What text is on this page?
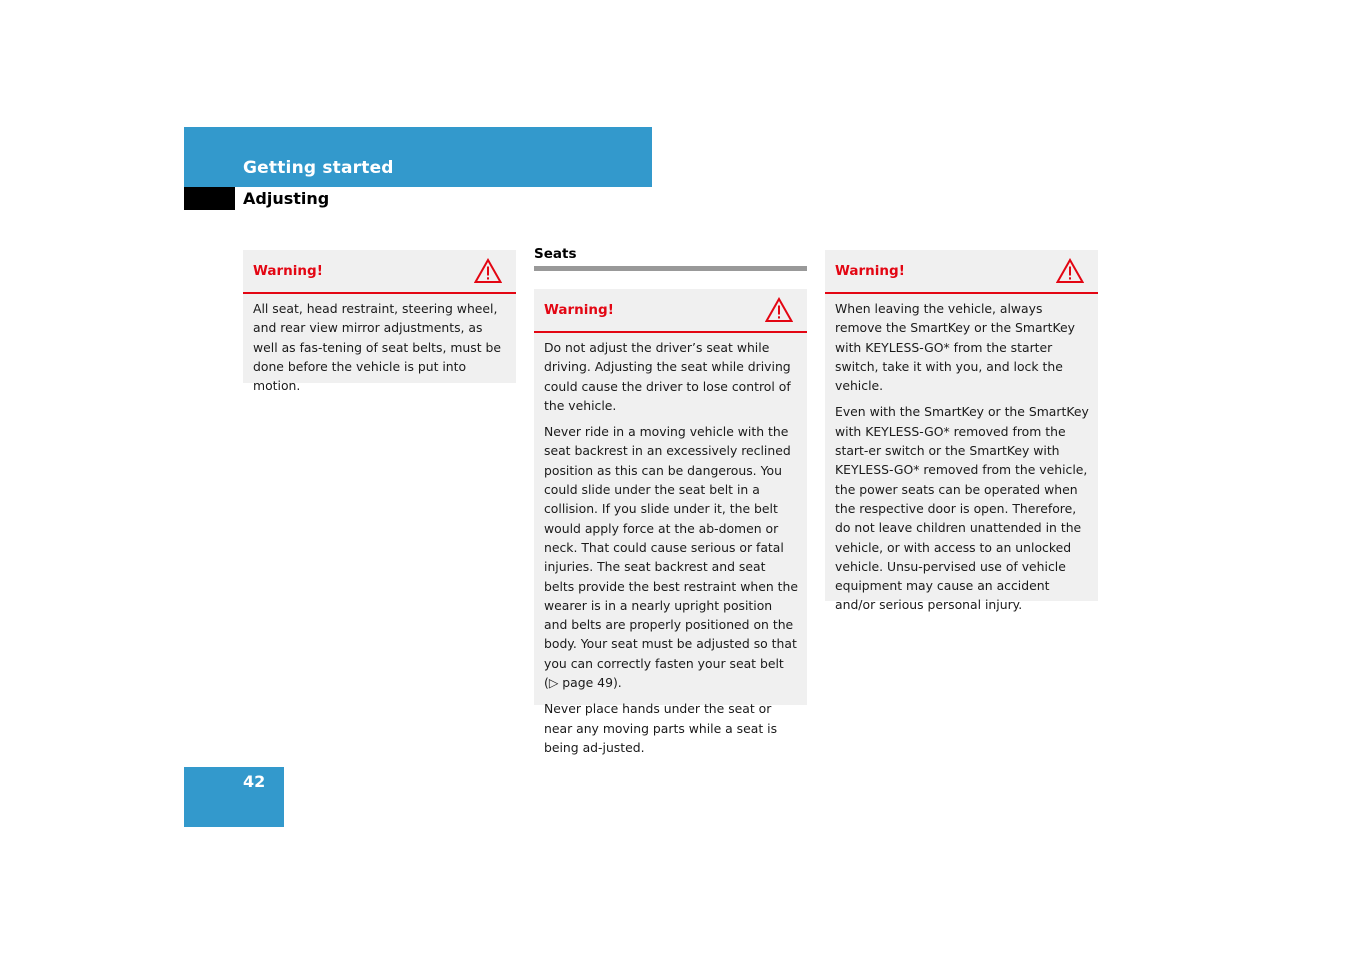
Getting started
Adjusting
Warning!

All seat, head restraint, steering wheel, and rear view mirror adjustments, as well as fas-tening of seat belts, must be done before the vehicle is put into motion.

Seats
Warning!

Do not adjust the driver’s seat while driving. Adjusting the seat while driving could cause the driver to lose control of the vehicle.

Never ride in a moving vehicle with the seat backrest in an excessively reclined position as this can be dangerous. You could slide under the seat belt in a collision. If you slide under it, the belt would apply force at the ab-domen or neck. That could cause serious or fatal injuries. The seat backrest and seat belts provide the best restraint when the wearer is in a nearly upright position and belts are properly positioned on the body. Your seat must be adjusted so that you can correctly fasten your seat belt (▷ page 49).

Never place hands under the seat or near any moving parts while a seat is being ad-justed.

Warning!

When leaving the vehicle, always remove the SmartKey or the SmartKey with KEYLESS-GO* from the starter switch, take it with you, and lock the vehicle.

Even with the SmartKey or the SmartKey with KEYLESS-GO* removed from the start-er switch or the SmartKey with KEYLESS-GO* removed from the vehicle, the power seats can be operated when the respective door is open. Therefore, do not leave children unattended in the vehicle, or with access to an unlocked vehicle. Unsu-pervised use of vehicle equipment may cause an accident and/or serious personal injury.

42
